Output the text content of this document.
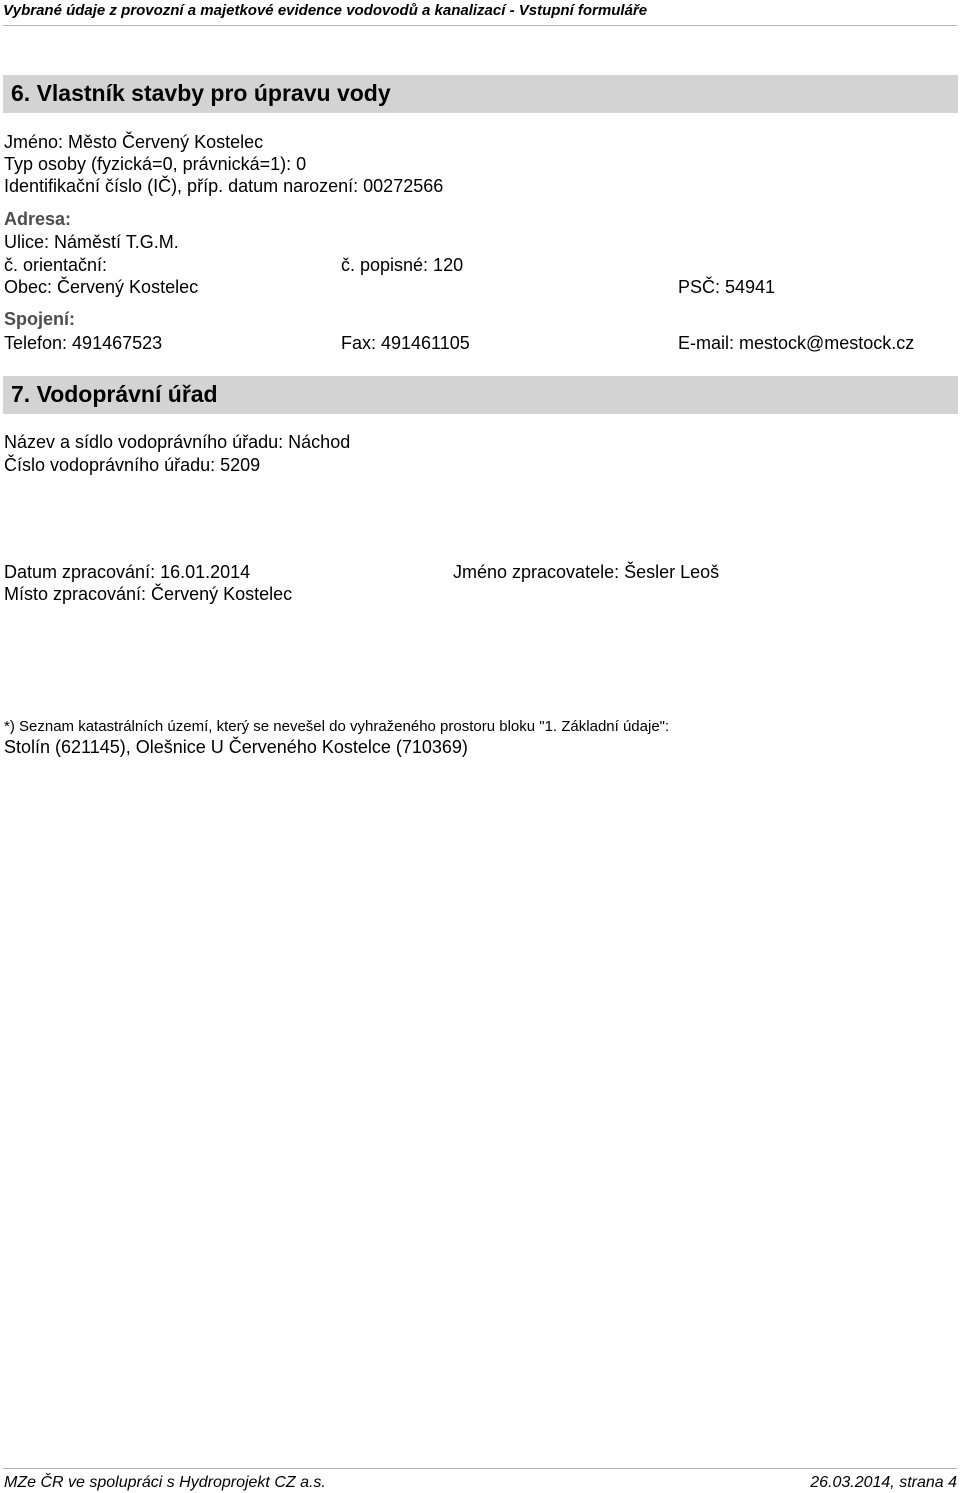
Vybrané údaje z provozní a majetkové evidence vodovodů a kanalizací - Vstupní formuláře
6. Vlastník stavby pro úpravu vody
Jméno: Město Červený Kostelec
Typ osoby (fyzická=0, právnická=1): 0
Identifikační číslo (IČ), příp. datum narození: 00272566
Adresa:
Ulice: Náměstí T.G.M.
č. orientační:	č. popisné: 120
Obec: Červený Kostelec	PSČ: 54941
Spojení:
Telefon: 491467523	Fax: 491461105	E-mail: mestock@mestock.cz
7. Vodoprávní úřad
Název a sídlo vodoprávního úřadu: Náchod
Číslo vodoprávního úřadu: 5209
Datum zpracování: 16.01.2014	Jméno zpracovatele: Šesler Leoš
Místo zpracování: Červený Kostelec
*) Seznam katastrálních území, který se nevešel do vyhraženého prostoru bloku "1. Základní údaje":
Stolín (621145), Olešnice U Červeného Kostelce (710369)
MZe ČR ve spolupráci s Hydroprojekt CZ a.s.	26.03.2014, strana 4
